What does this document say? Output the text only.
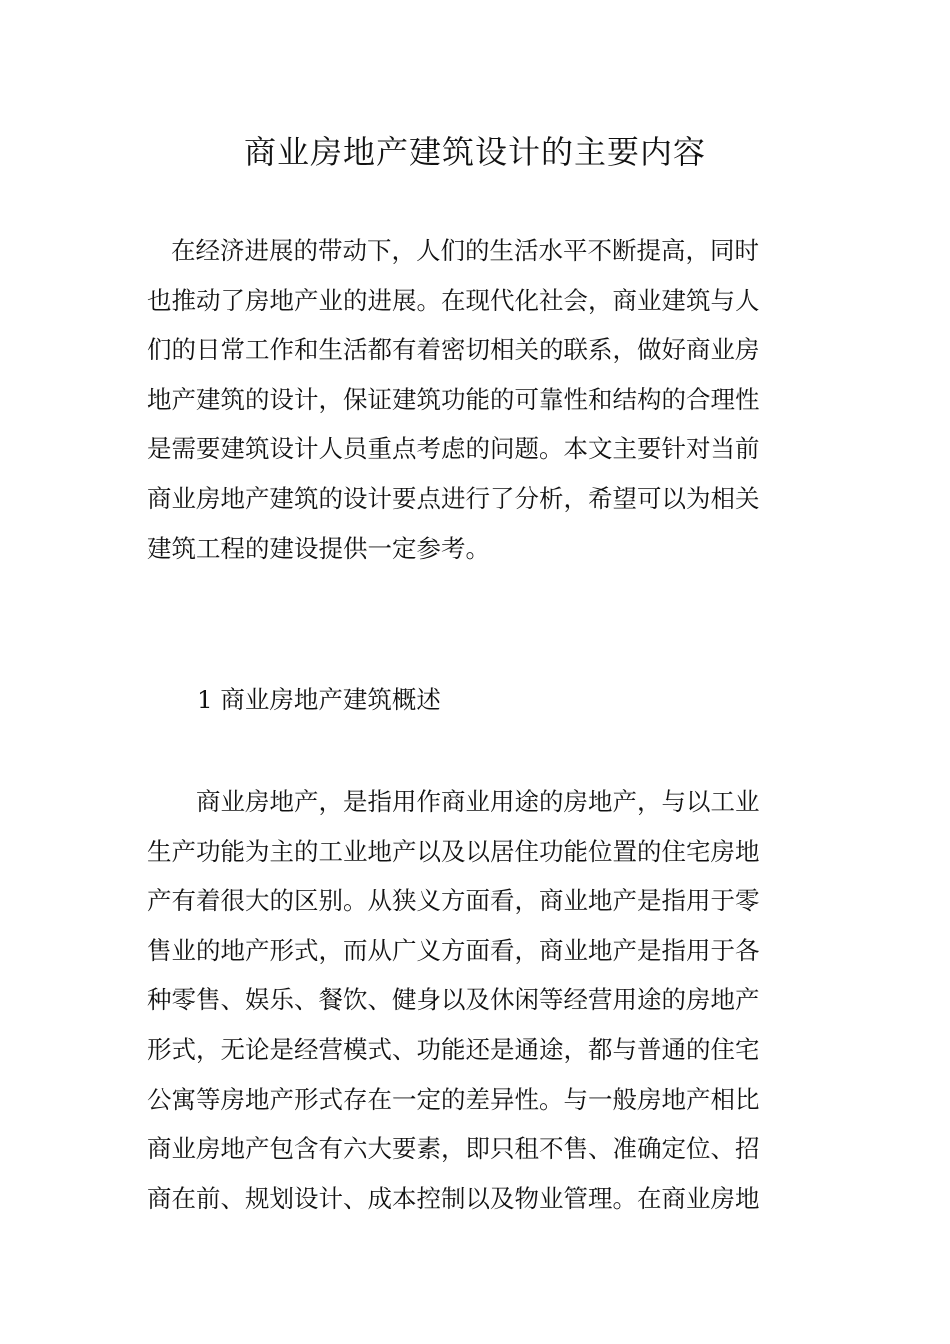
商业房地产建筑设计的主要内容

在经济进展的带动下，人们的生活水平不断提高，同时
也推动了房地产业的进展。在现代化社会，商业建筑与人
们的日常工作和生活都有着密切相关的联系，做好商业房
地产建筑的设计，保证建筑功能的可靠性和结构的合理性
是需要建筑设计人员重点考虑的问题。本文主要针对当前
商业房地产建筑的设计要点进行了分析，希望可以为相关
建筑工程的建设提供一定参考。

1 商业房地产建筑概述

商业房地产，是指用作商业用途的房地产，与以工业
生产功能为主的工业地产以及以居住功能位置的住宅房地
产有着很大的区别。从狭义方面看，商业地产是指用于零
售业的地产形式，而从广义方面看，商业地产是指用于各
种零售、娱乐、餐饮、健身以及休闲等经营用途的房地产
形式，无论是经营模式、功能还是通途，都与普通的住宅
公寓等房地产形式存在一定的差异性。与一般房地产相比
商业房地产包含有六大要素，即只租不售、准确定位、招
商在前、规划设计、成本控制以及物业管理。在商业房地
